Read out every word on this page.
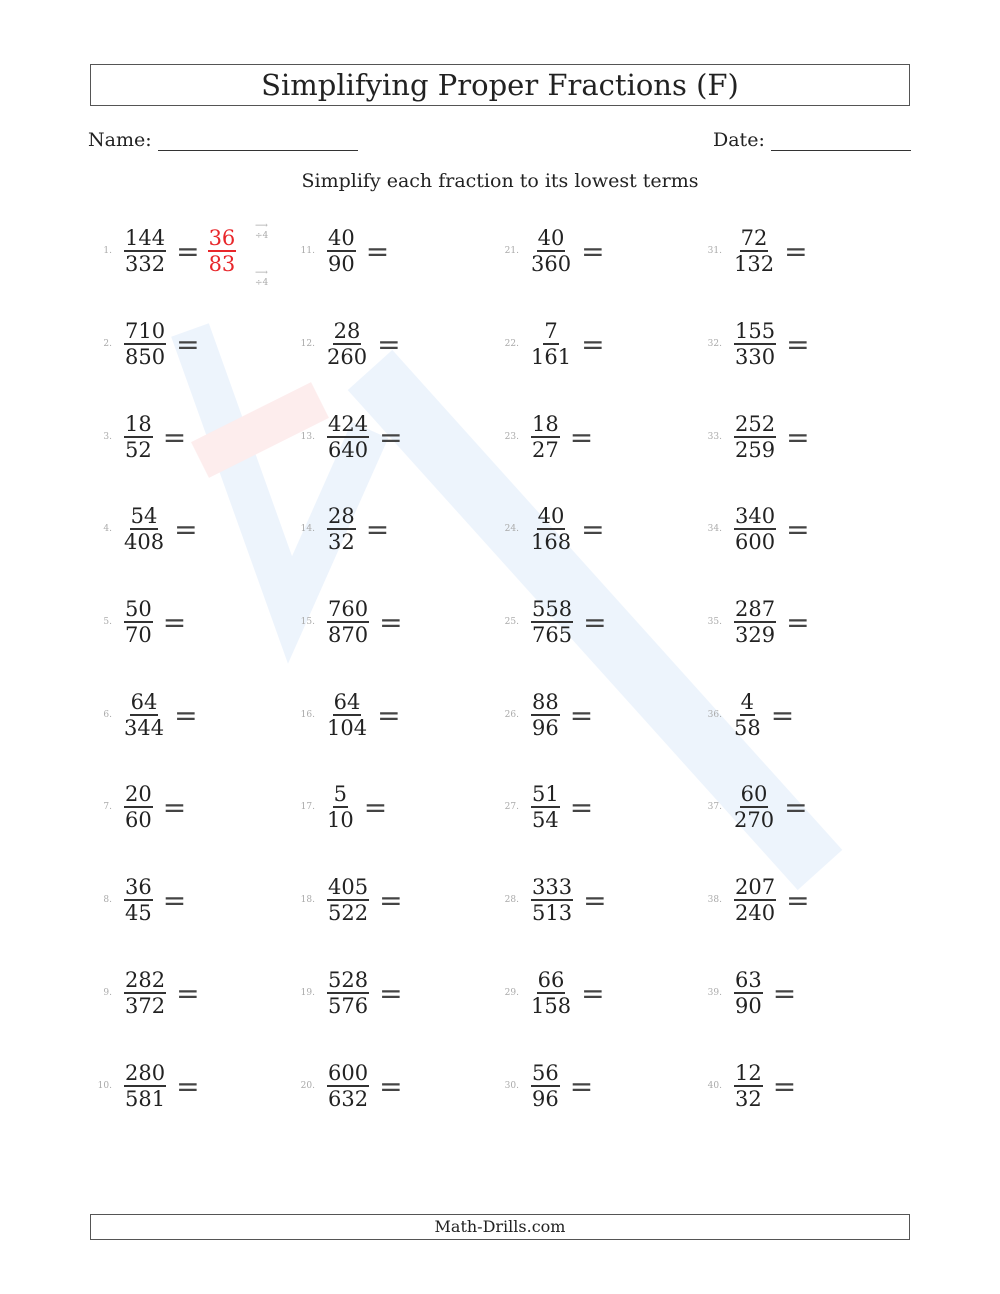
Simplifying Proper Fractions (F)
Name:	Date:
Simplify each fraction to its lowest terms
1. $\frac{144}{332} = \frac{36}{83}$ ⟶ ÷4
⟶ ÷4
2. $\frac{710}{850}$ =
3. $\frac{18}{52}$ =
4. $\frac{54}{408}$ =
5. $\frac{50}{70}$ =
6. $\frac{64}{344}$ =
7. $\frac{20}{60}$ =
8. $\frac{36}{45}$ =
9. $\frac{282}{372}$ =
10. $\frac{280}{581}$ =
11. $\frac{40}{90}$ =
12. $\frac{28}{260}$ =
13. $\frac{424}{640}$ =
14. $\frac{28}{32}$ =
15. $\frac{760}{870}$ =
16. $\frac{64}{104}$ =
17. $\frac{5}{10}$ =
18. $\frac{405}{522}$ =
19. $\frac{528}{576}$ =
20. $\frac{600}{632}$ =
21. $\frac{40}{360}$ =
22. $\frac{7}{161}$ =
23. $\frac{18}{27}$ =
24. $\frac{40}{168}$ =
25. $\frac{558}{765}$ =
26. $\frac{88}{96}$ =
27. $\frac{51}{54}$ =
28. $\frac{333}{513}$ =
29. $\frac{66}{158}$ =
30. $\frac{56}{96}$ =
31. $\frac{72}{132}$ =
32. $\frac{155}{330}$ =
33. $\frac{252}{259}$ =
34. $\frac{340}{600}$ =
35. $\frac{287}{329}$ =
36. $\frac{4}{58}$ =
37. $\frac{60}{270}$ =
38. $\frac{207}{240}$ =
39. $\frac{63}{90}$ =
40. $\frac{12}{32}$ =
Math-Drills.com
